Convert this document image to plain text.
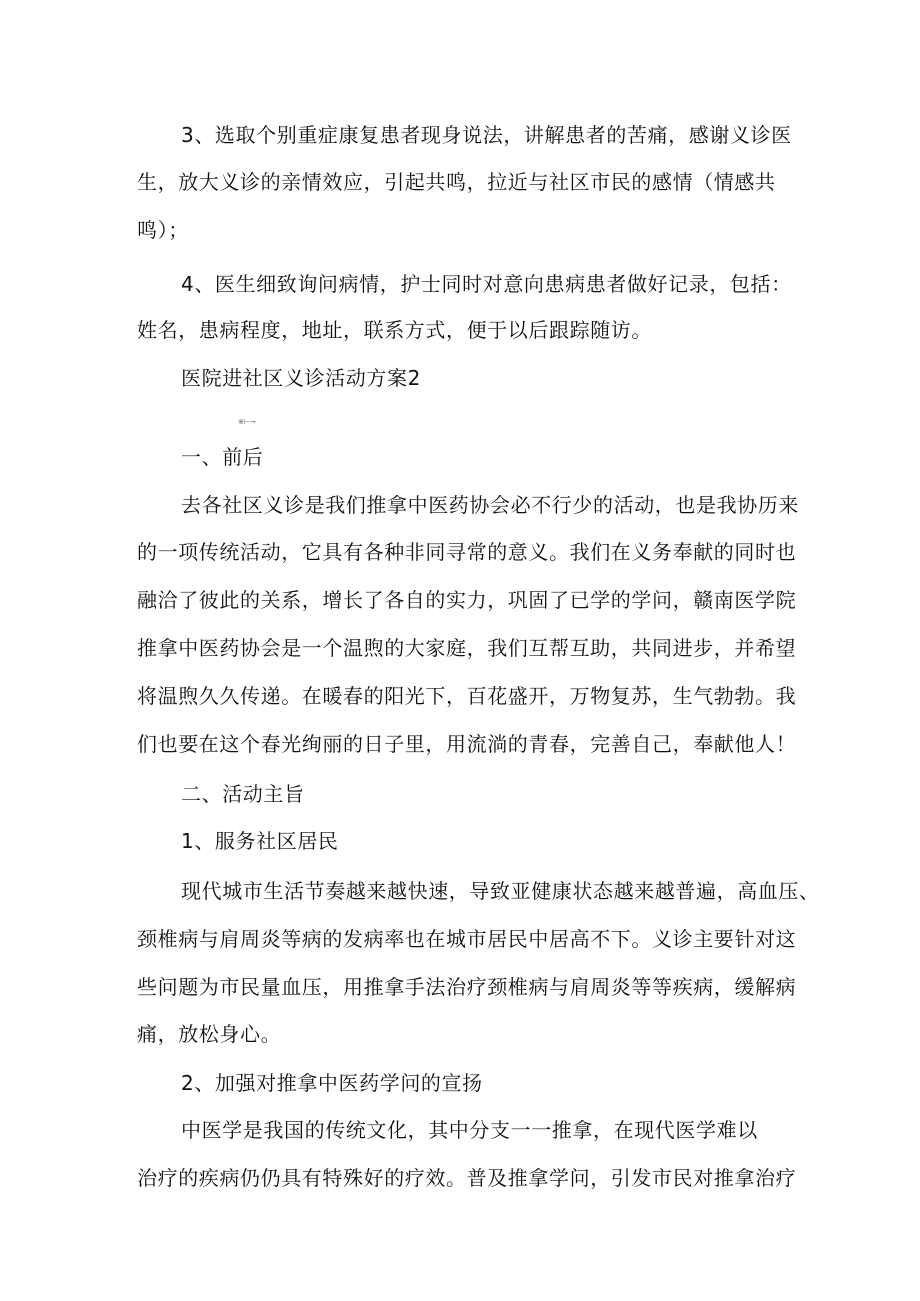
3、选取个别重症康复患者现身说法，讲解患者的苦痛，感谢义诊医
生，放大义诊的亲情效应，引起共鸣，拉近与社区市民的感情（情感共
鸣）；
4、医生细致询问病情，护士同时对意向患病患者做好记录，包括：
姓名，患病程度，地址，联系方式，便于以后跟踪随访。
医院进社区义诊活动方案2
※⊢¬
一、前后
去各社区义诊是我们推拿中医药协会必不行少的活动，也是我协历来
的一项传统活动，它具有各种非同寻常的意义。我们在义务奉献的同时也
融洽了彼此的关系，增长了各自的实力，巩固了已学的学问，赣南医学院
推拿中医药协会是一个温煦的大家庭，我们互帮互助，共同进步，并希望
将温煦久久传递。在暖春的阳光下，百花盛开，万物复苏，生气勃勃。我
们也要在这个春光绚丽的日子里，用流淌的青春，完善自己，奉献他人！
二、活动主旨
1、服务社区居民
现代城市生活节奏越来越快速，导致亚健康状态越来越普遍，高血压、
颈椎病与肩周炎等病的发病率也在城市居民中居高不下。义诊主要针对这
些问题为市民量血压，用推拿手法治疗颈椎病与肩周炎等等疾病，缓解病
痛，放松身心。
2、加强对推拿中医药学问的宣扬
中医学是我国的传统文化，其中分支一一推拿，在现代医学难以
治疗的疾病仍仍具有特殊好的疗效。普及推拿学问，引发市民对推拿治疗
